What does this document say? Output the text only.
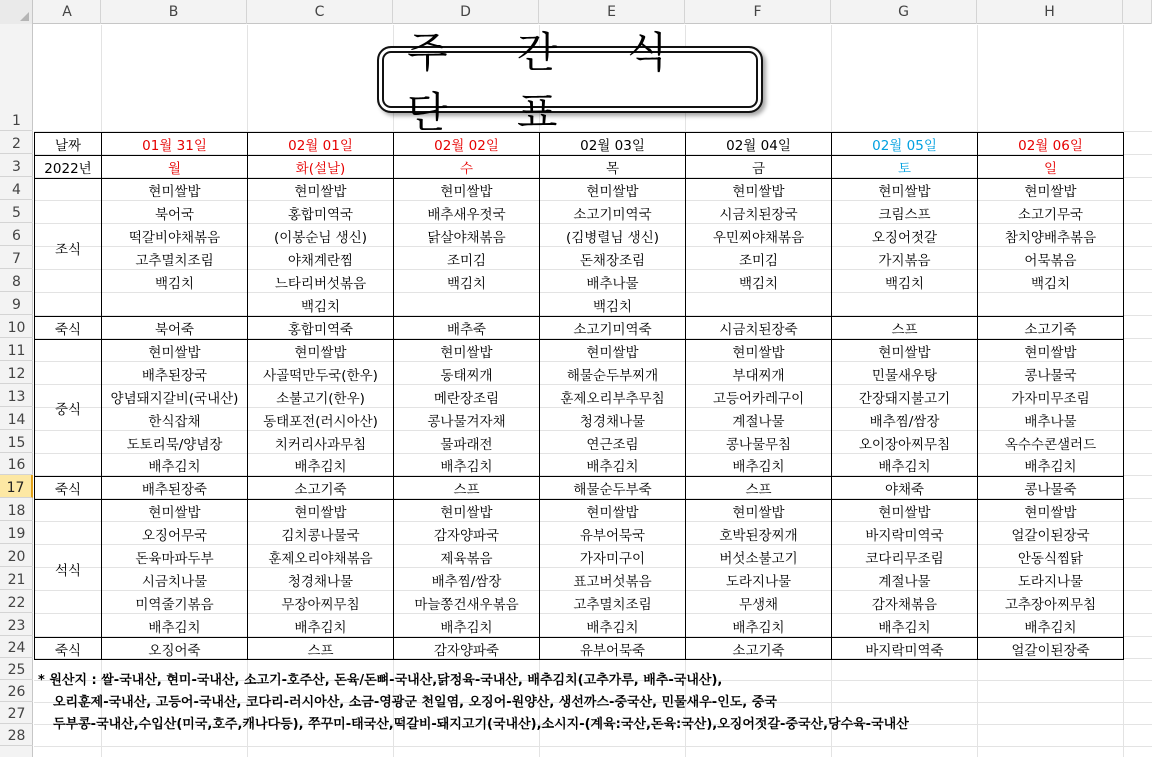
A	B	C	D	E	F	G	H
1
2
3
4
5
6
7
8
9
10
11
12
13
14
15
16
17
18
19
20
21
22
23
24
25
26
27
28
주 간 식 단 표
날짜	01월 31일	02월 01일	02월 02일	02월 03일	02월 04일	02월 05일	02월 06일
2022년	월	화(설날)	수	목	금	토	일
조식	현미쌀밥	현미쌀밥	현미쌀밥	현미쌀밥	현미쌀밥	현미쌀밥	현미쌀밥
	북어국	홍합미역국	배추새우젓국	소고기미역국	시금치된장국	크림스프	소고기무국
	떡갈비야채볶음	(이봉순님 생신)	닭살야채볶음	(김병렬님 생신)	우민찌야채볶음	오징어젓갈	참치양배추볶음
	고추멸치조림	야채계란찜	조미김	돈채장조림	조미김	가지볶음	어묵볶음
	백김치	느타리버섯볶음	백김치	배추나물	백김치	백김치	백김치
		백김치		백김치			
죽식	북어죽	홍합미역죽	배추죽	소고기미역죽	시금치된장죽	스프	소고기죽
중식	현미쌀밥	현미쌀밥	현미쌀밥	현미쌀밥	현미쌀밥	현미쌀밥	현미쌀밥
	배추된장국	사골떡만두국(한우)	동태찌개	해물순두부찌개	부대찌개	민물새우탕	콩나물국
	양념돼지갈비(국내산)	소불고기(한우)	메란장조림	훈제오리부추무침	고등어카레구이	간장돼지불고기	가자미무조림
	한식잡채	동태포전(러시아산)	콩나물겨자채	청경채나물	계절나물	배추찜/쌈장	배추나물
	도토리묵/양념장	치커리사과무침	물파래전	연근조림	콩나물무침	오이장아찌무침	옥수수콘샐러드
	배추김치	배추김치	배추김치	배추김치	배추김치	배추김치	배추김치
죽식	배추된장죽	소고기죽	스프	해물순두부죽	스프	야채죽	콩나물죽
석식	현미쌀밥	현미쌀밥	현미쌀밥	현미쌀밥	현미쌀밥	현미쌀밥	현미쌀밥
	오징어무국	김치콩나물국	감자양파국	유부어묵국	호박된장찌개	바지락미역국	얼갈이된장국
	돈육마파두부	훈제오리야채볶음	제육볶음	가자미구이	버섯소불고기	코다리무조림	안동식찜닭
	시금치나물	청경채나물	배추찜/쌈장	표고버섯볶음	도라지나물	계절나물	도라지나물
	미역줄기볶음	무장아찌무침	마늘쫑건새우볶음	고추멸치조림	무생채	감자채볶음	고추장아찌무침
	배추김치	배추김치	배추김치	배추김치	배추김치	배추김치	배추김치
죽식	오징어죽	스프	감자양파죽	유부어묵죽	소고기죽	바지락미역죽	얼갈이된장죽
* 원산지 : 쌀-국내산, 현미-국내산, 소고기-호주산, 돈육/돈뼈-국내산,닭정육-국내산, 배추김치(고추가루, 배추-국내산),
오리훈제-국내산, 고등어-국내산, 코다리-러시아산, 소금-영광군 천일염, 오징어-원양산, 생선까스-중국산, 민물새우-인도, 중국
두부콩-국내산,수입산(미국,호주,캐나다등), 쭈꾸미-태국산,떡갈비-돼지고기(국내산),소시지-(계육:국산,돈육:국산),오징어젓갈-중국산,당수육-국내산
